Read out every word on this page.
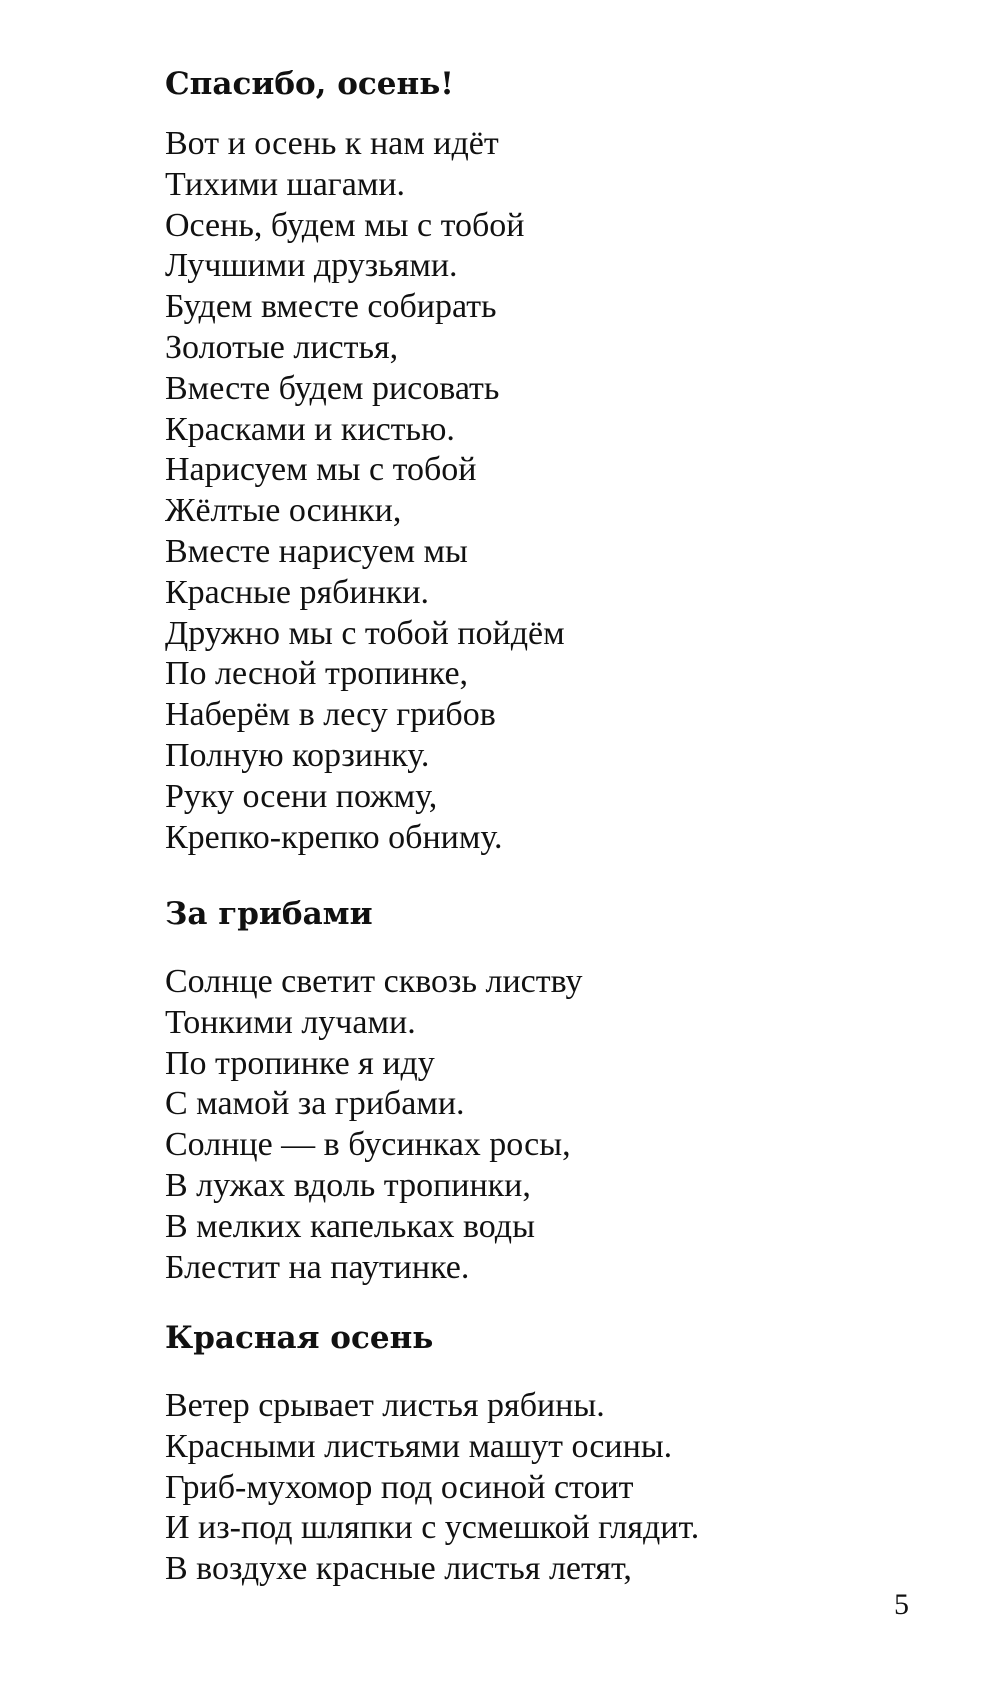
Спасибо, осень!
Вот и осень к нам идёт
Тихими шагами.
Осень, будем мы с тобой
Лучшими друзьями.
Будем вместе собирать
Золотые листья,
Вместе будем рисовать
Красками и кистью.
Нарисуем мы с тобой
Жёлтые осинки,
Вместе нарисуем мы
Красные рябинки.
Дружно мы с тобой пойдём
По лесной тропинке,
Наберём в лесу грибов
Полную корзинку.
Руку осени пожму,
Крепко-крепко обниму.
За грибами
Солнце светит сквозь листву
Тонкими лучами.
По тропинке я иду
С мамой за грибами.
Солнце — в бусинках росы,
В лужах вдоль тропинки,
В мелких капельках воды
Блестит на паутинке.
Красная осень
Ветер срывает листья рябины.
Красными листьями машут осины.
Гриб-мухомор под осиной стоит
И из-под шляпки с усмешкой глядит.
В воздухе красные листья летят,
5
